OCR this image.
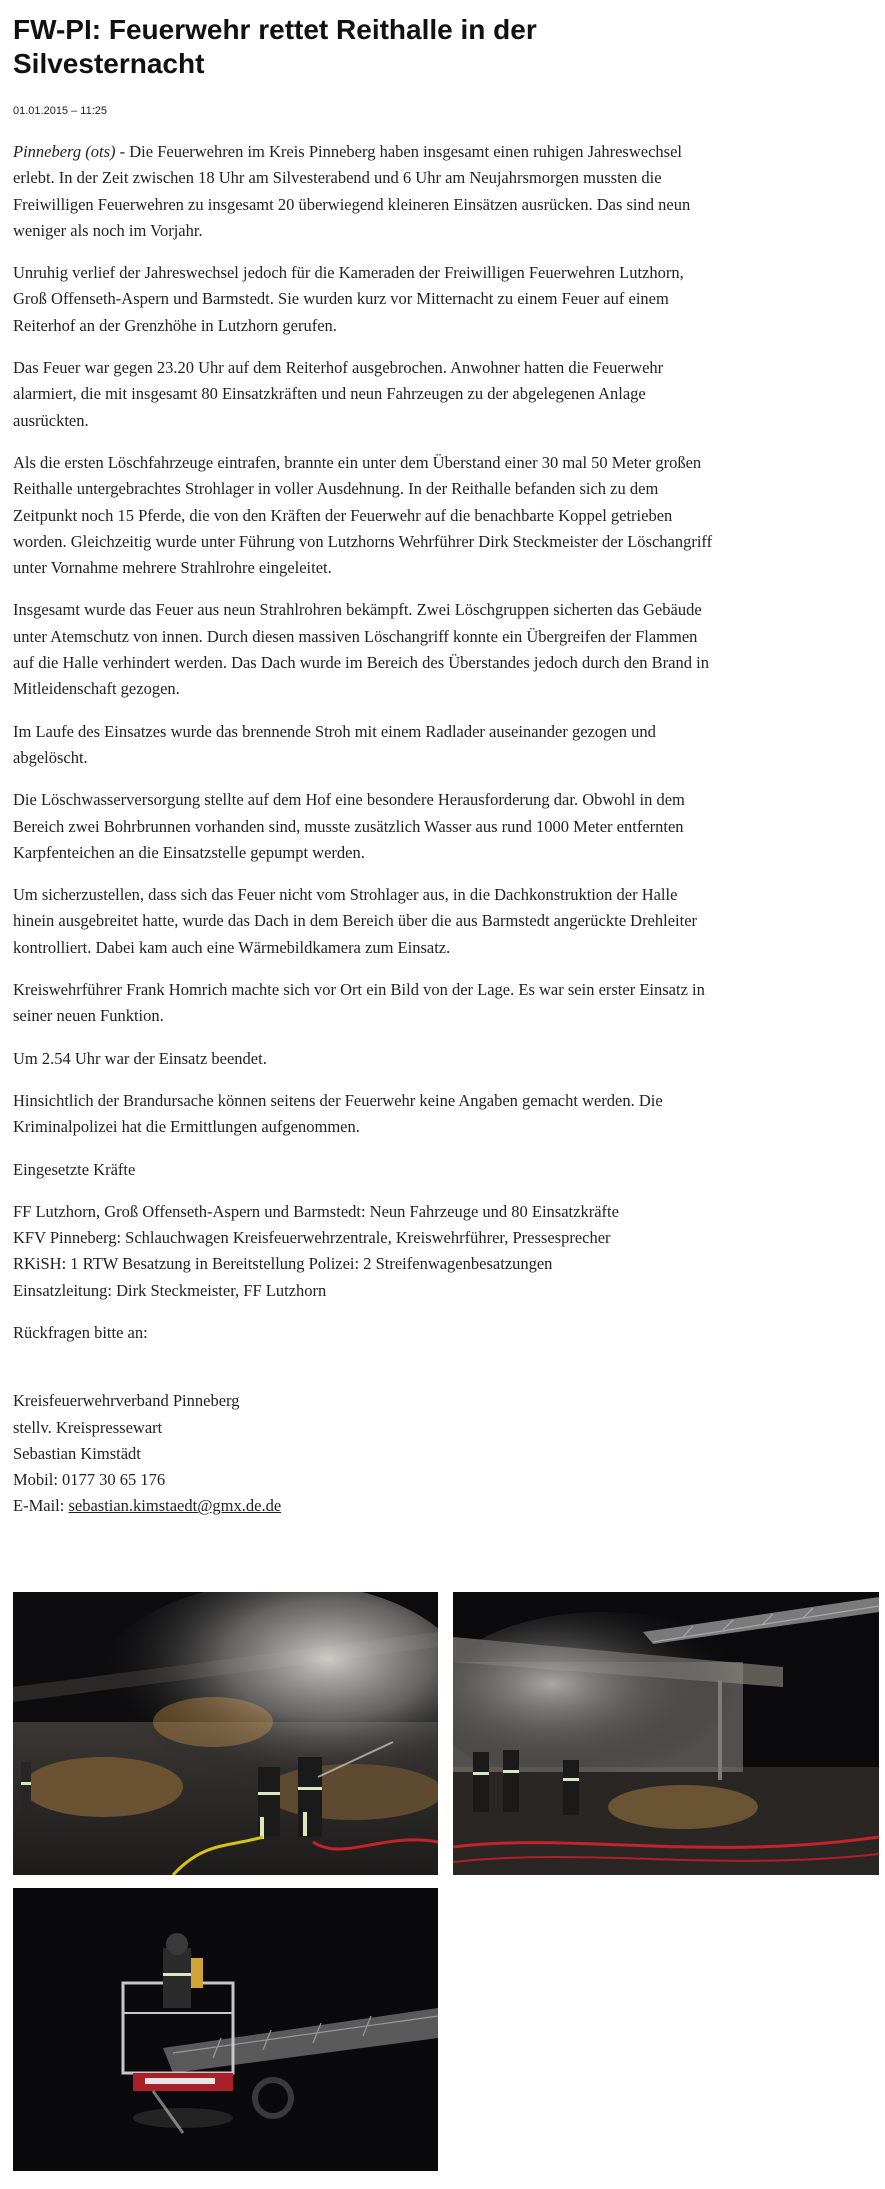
FW-PI: Feuerwehr rettet Reithalle in der Silvesternacht
01.01.2015 – 11:25

Pinneberg (ots) - Die Feuerwehren im Kreis Pinneberg haben insgesamt einen ruhigen Jahreswechsel erlebt. In der Zeit zwischen 18 Uhr am Silvesterabend und 6 Uhr am Neujahrsmorgen mussten die Freiwilligen Feuerwehren zu insgesamt 20 überwiegend kleineren Einsätzen ausrücken. Das sind neun weniger als noch im Vorjahr.

Unruhig verlief der Jahreswechsel jedoch für die Kameraden der Freiwilligen Feuerwehren Lutzhorn, Groß Offenseth-Aspern und Barmstedt. Sie wurden kurz vor Mitternacht zu einem Feuer auf einem Reiterhof an der Grenzhöhe in Lutzhorn gerufen.

Das Feuer war gegen 23.20 Uhr auf dem Reiterhof ausgebrochen. Anwohner hatten die Feuerwehr alarmiert, die mit insgesamt 80 Einsatzkräften und neun Fahrzeugen zu der abgelegenen Anlage ausrückten.

Als die ersten Löschfahrzeuge eintrafen, brannte ein unter dem Überstand einer 30 mal 50 Meter großen Reithalle untergebrachtes Strohlager in voller Ausdehnung. In der Reithalle befanden sich zu dem Zeitpunkt noch 15 Pferde, die von den Kräften der Feuerwehr auf die benachbarte Koppel getrieben worden. Gleichzeitig wurde unter Führung von Lutzhorns Wehrführer Dirk Steckmeister der Löschangriff unter Vornahme mehrere Strahlrohre eingeleitet.

Insgesamt wurde das Feuer aus neun Strahlrohren bekämpft. Zwei Löschgruppen sicherten das Gebäude unter Atemschutz von innen. Durch diesen massiven Löschangriff konnte ein Übergreifen der Flammen auf die Halle verhindert werden. Das Dach wurde im Bereich des Überstandes jedoch durch den Brand in Mitleidenschaft gezogen.

Im Laufe des Einsatzes wurde das brennende Stroh mit einem Radlader auseinander gezogen und abgelöscht.

Die Löschwasserversorgung stellte auf dem Hof eine besondere Herausforderung dar. Obwohl in dem Bereich zwei Bohrbrunnen vorhanden sind, musste zusätzlich Wasser aus rund 1000 Meter entfernten Karpfenteichen an die Einsatzstelle gepumpt werden.

Um sicherzustellen, dass sich das Feuer nicht vom Strohlager aus, in die Dachkonstruktion der Halle hinein ausgebreitet hatte, wurde das Dach in dem Bereich über die aus Barmstedt angerückte Drehleiter kontrolliert. Dabei kam auch eine Wärmebildkamera zum Einsatz.

Kreiswehrführer Frank Homrich machte sich vor Ort ein Bild von der Lage. Es war sein erster Einsatz in seiner neuen Funktion.

Um 2.54 Uhr war der Einsatz beendet.

Hinsichtlich der Brandursache können seitens der Feuerwehr keine Angaben gemacht werden. Die Kriminalpolizei hat die Ermittlungen aufgenommen.

Eingesetzte Kräfte

FF Lutzhorn, Groß Offenseth-Aspern und Barmstedt: Neun Fahrzeuge und 80 Einsatzkräfte
KFV Pinneberg: Schlauchwagen Kreisfeuerwehrzentrale, Kreiswehrführer, Pressesprecher
RKiSH: 1 RTW Besatzung in Bereitstellung Polizei: 2 Streifenwagenbesatzungen
Einsatzleitung: Dirk Steckmeister, FF Lutzhorn

Rückfragen bitte an:

Kreisfeuerwehrverband Pinneberg
stellv. Kreispressewart
Sebastian Kimstädt
Mobil: 0177 30 65 176
E-Mail: sebastian.kimstaedt@gmx.de.de
